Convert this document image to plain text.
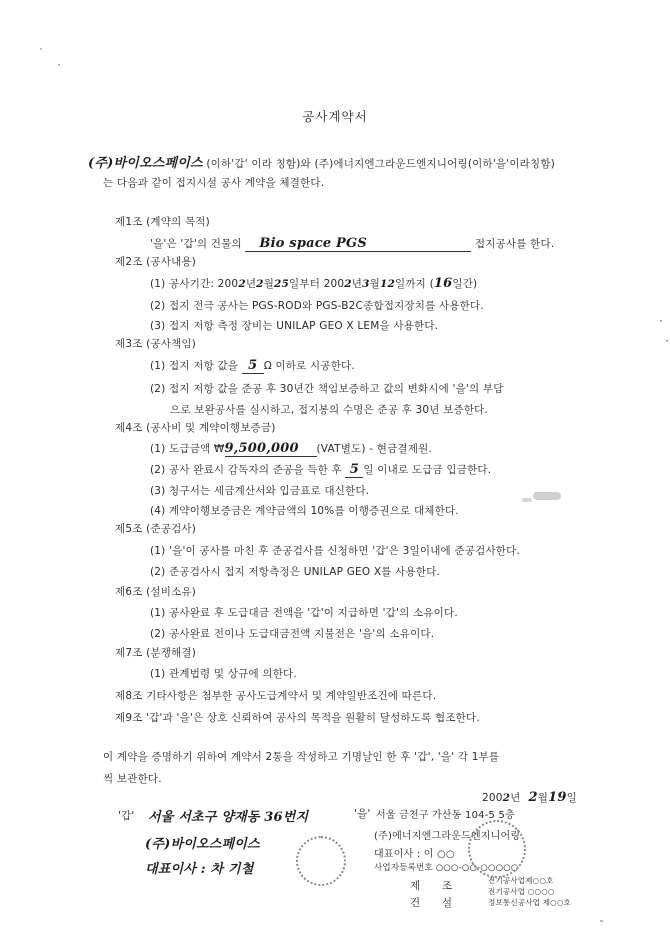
공사계약서
(주)바이오스페이스 (이하'갑' 이라 칭함)와 (주)에너지엔그라운드엔지니어링(이하'을'이라칭함)
는 다음과 같이 접지시설 공사 계약을 체결한다.
제1조 (계약의 목적)
'을'은 '갑'의 건물의 Bio space PGS	접지공사를 한다.
제2조 (공사내용)
(1) 공사기간: 2002년2월25일부터 2002년3월12일까지 (16일간)
(2) 접지 전극 공사는 PGS-ROD와 PGS-B2C종합접지장치를 사용한다.
(3) 접지 저항 측정 장비는 UNILAP GEO X LEM을 사용한다.
제3조 (공사책임)
(1) 접지 저항 값을 5 Ω 이하로 시공한다.
(2) 접지 저항 값을 준공 후 30년간 책임보증하고 값의 변화시에 '을'의 부담
으로 보완공사를 실시하고, 접지봉의 수명은 준공 후 30년 보증한다.
제4조 (공사비 및 계약이행보증금)
(1) 도급금액 ₩9,500,000 (VAT별도) - 현금결제원.
(2) 공사 완료시 감독자의 준공을 득한 후 5 일 이내로 도급금 입금한다.
(3) 청구서는 세금계산서와 입금표로 대신한다.
(4) 계약이행보증금은 계약금액의 10%를 이행증권으로 대체한다.
제5조 (준공검사)
(1) '을'이 공사를 마친 후 준공검사를 신청하면 '갑'은 3일이내에 준공검사한다.
(2) 준공검사시 접지 저항측정은 UNILAP GEO X를 사용한다.
제6조 (설비소유)
(1) 공사완료 후 도급대금 전액을 '갑'이 지급하면 '갑'의 소유이다.
(2) 공사완료 전이나 도급대금전액 지불전은 '을'의 소유이다.
제7조 (분쟁해결)
(1) 관계법령 및 상규에 의한다.
제8조 기타사항은 첨부한 공사도급계약서 및 계약일반조건에 따른다.
제9조 '갑'과 '을'은 상호 신뢰하여 공사의 목적을 원활히 달성하도록 협조한다.
이 계약을 증명하기 위하여 계약서 2통을 작성하고 기명날인 한 후 '갑', '을' 각 1부를
씩 보관한다.
2002년 2월19일
'갑' 서울 서초구 양재동 36번지
(주)바이오스페이스
대표이사 : 차 기철
'을' 서울 금천구 가산동 104-5 5층
(주)에너지엔그라운드엔지니어링
대표이사 : 이 ○○
사업자등록번호 ○○○-○○-○○○○○
제 조
건 설
전기공사업제○○호
전기공사업 ○○○○
정보통신공사업 제○○호
